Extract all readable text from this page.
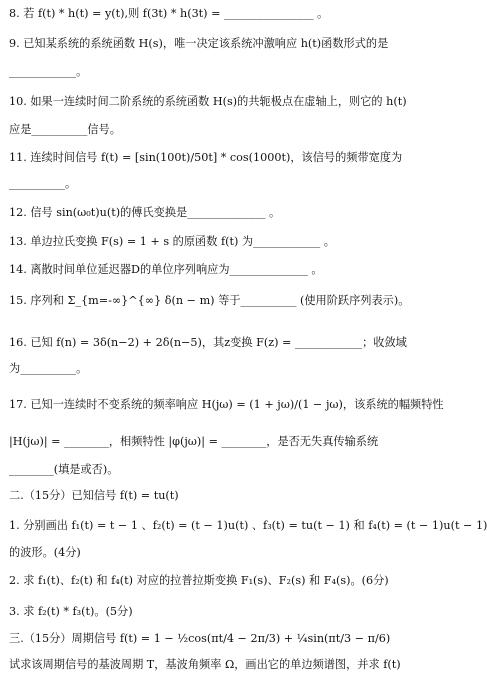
8. 若 f(t) * h(t) = y(t),则 f(3t) * h(3t) = ________________ 。
9. 已知某系统的系统函数 H(s)，唯一决定该系统冲激响应 h(t)函数形式的是
____________。
10. 如果一连续时间二阶系统的系统函数 H(s)的共轭极点在虚轴上，则它的 h(t)
应是__________信号。
11. 连续时间信号 f(t) = [sin(100t)/50t] * cos(1000t)，该信号的频带宽度为
__________。
12. 信号 sin(ω₀t)u(t)的傅氏变换是______________ 。
13. 单边拉氏变换 F(s) = 1 + s 的原函数 f(t) 为____________ 。
14. 离散时间单位延迟器D的单位序列响应为______________ 。
15. 序列和 Σ_{m=-∞}^{∞} δ(n − m) 等于__________ (使用阶跃序列表示)。
16. 已知 f(n) = 3δ(n−2) + 2δ(n−5)，其z变换 F(z) = ____________；收敛域
为__________。
17. 已知一连续时不变系统的频率响应 H(jω) = (1 + jω)/(1 − jω)，该系统的幅频特性
|H(jω)| = ________，相频特性 |φ(jω)| = ________，是否无失真传输系统
________(填是或否)。
二.（15分）已知信号 f(t) = tu(t)
1. 分别画出 f₁(t) = t − 1 、f₂(t) = (t − 1)u(t) 、f₃(t) = tu(t − 1) 和 f₄(t) = (t − 1)u(t − 1)
的波形。(4分)
2. 求 f₁(t)、f₂(t) 和 f₄(t) 对应的拉普拉斯变换 F₁(s)、F₂(s) 和 F₄(s)。(6分)
3. 求 f₂(t) * f₃(t)。(5分)
三.（15分）周期信号 f(t) = 1 − ½cos(πt/4 − 2π/3) + ¼sin(πt/3 − π/6)
试求该周期信号的基波周期 T，基波角频率 Ω，画出它的单边频谱图，并求 f(t)
